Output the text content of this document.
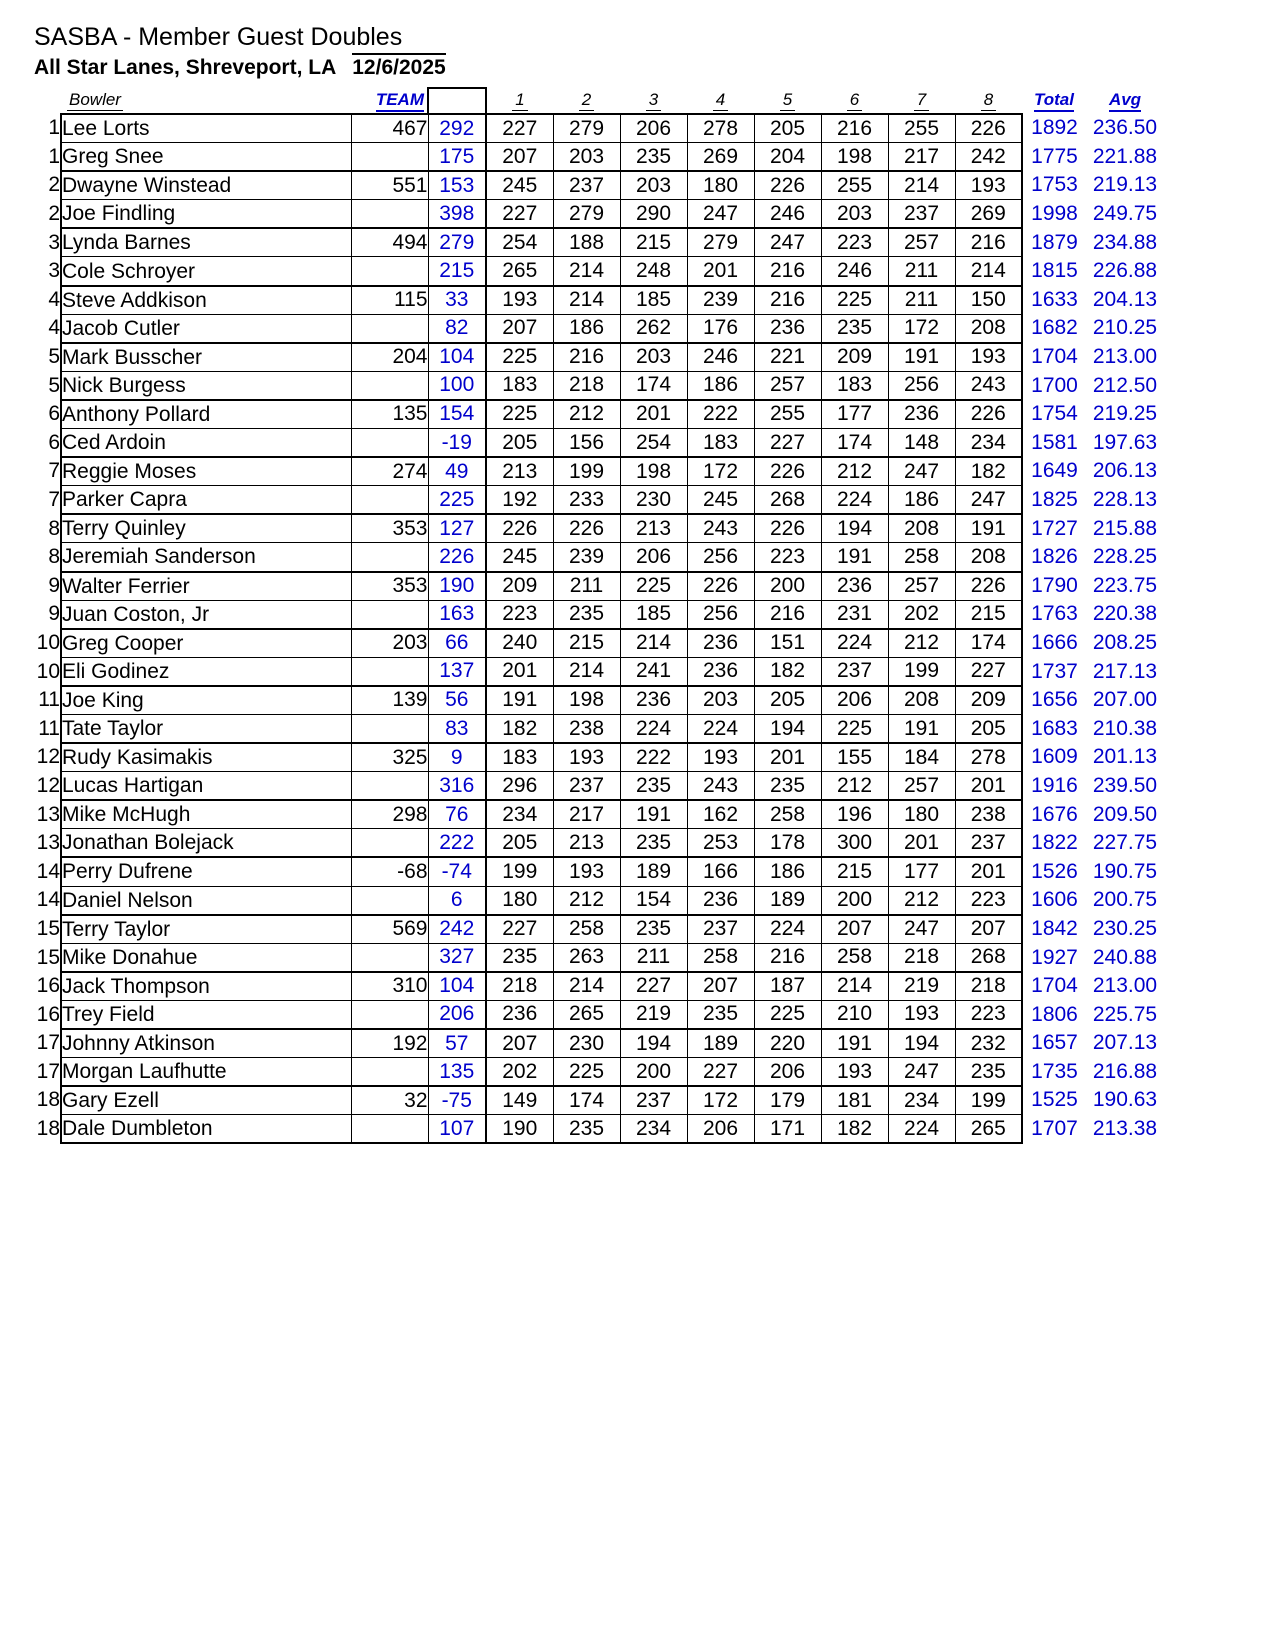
SASBA - Member Guest Doubles
All Star Lanes, Shreveport, LA 12/6/2025
	Bowler	TEAM		1	2	3	4	5	6	7	8	Total	Avg
1	Lee Lorts	467	292	227	279	206	278	205	216	255	226	1892	236.50
1	Greg Snee		175	207	203	235	269	204	198	217	242	1775	221.88
2	Dwayne Winstead	551	153	245	237	203	180	226	255	214	193	1753	219.13
2	Joe Findling		398	227	279	290	247	246	203	237	269	1998	249.75
3	Lynda Barnes	494	279	254	188	215	279	247	223	257	216	1879	234.88
3	Cole Schroyer		215	265	214	248	201	216	246	211	214	1815	226.88
4	Steve Addkison	115	33	193	214	185	239	216	225	211	150	1633	204.13
4	Jacob Cutler		82	207	186	262	176	236	235	172	208	1682	210.25
5	Mark Busscher	204	104	225	216	203	246	221	209	191	193	1704	213.00
5	Nick Burgess		100	183	218	174	186	257	183	256	243	1700	212.50
6	Anthony Pollard	135	154	225	212	201	222	255	177	236	226	1754	219.25
6	Ced Ardoin		-19	205	156	254	183	227	174	148	234	1581	197.63
7	Reggie Moses	274	49	213	199	198	172	226	212	247	182	1649	206.13
7	Parker Capra		225	192	233	230	245	268	224	186	247	1825	228.13
8	Terry Quinley	353	127	226	226	213	243	226	194	208	191	1727	215.88
8	Jeremiah Sanderson		226	245	239	206	256	223	191	258	208	1826	228.25
9	Walter Ferrier	353	190	209	211	225	226	200	236	257	226	1790	223.75
9	Juan Coston, Jr		163	223	235	185	256	216	231	202	215	1763	220.38
10	Greg Cooper	203	66	240	215	214	236	151	224	212	174	1666	208.25
10	Eli Godinez		137	201	214	241	236	182	237	199	227	1737	217.13
11	Joe King	139	56	191	198	236	203	205	206	208	209	1656	207.00
11	Tate Taylor		83	182	238	224	224	194	225	191	205	1683	210.38
12	Rudy Kasimakis	325	9	183	193	222	193	201	155	184	278	1609	201.13
12	Lucas Hartigan		316	296	237	235	243	235	212	257	201	1916	239.50
13	Mike McHugh	298	76	234	217	191	162	258	196	180	238	1676	209.50
13	Jonathan Bolejack		222	205	213	235	253	178	300	201	237	1822	227.75
14	Perry Dufrene	-68	-74	199	193	189	166	186	215	177	201	1526	190.75
14	Daniel Nelson		6	180	212	154	236	189	200	212	223	1606	200.75
15	Terry Taylor	569	242	227	258	235	237	224	207	247	207	1842	230.25
15	Mike Donahue		327	235	263	211	258	216	258	218	268	1927	240.88
16	Jack Thompson	310	104	218	214	227	207	187	214	219	218	1704	213.00
16	Trey Field		206	236	265	219	235	225	210	193	223	1806	225.75
17	Johnny Atkinson	192	57	207	230	194	189	220	191	194	232	1657	207.13
17	Morgan Laufhutte		135	202	225	200	227	206	193	247	235	1735	216.88
18	Gary Ezell	32	-75	149	174	237	172	179	181	234	199	1525	190.63
18	Dale Dumbleton		107	190	235	234	206	171	182	224	265	1707	213.38
